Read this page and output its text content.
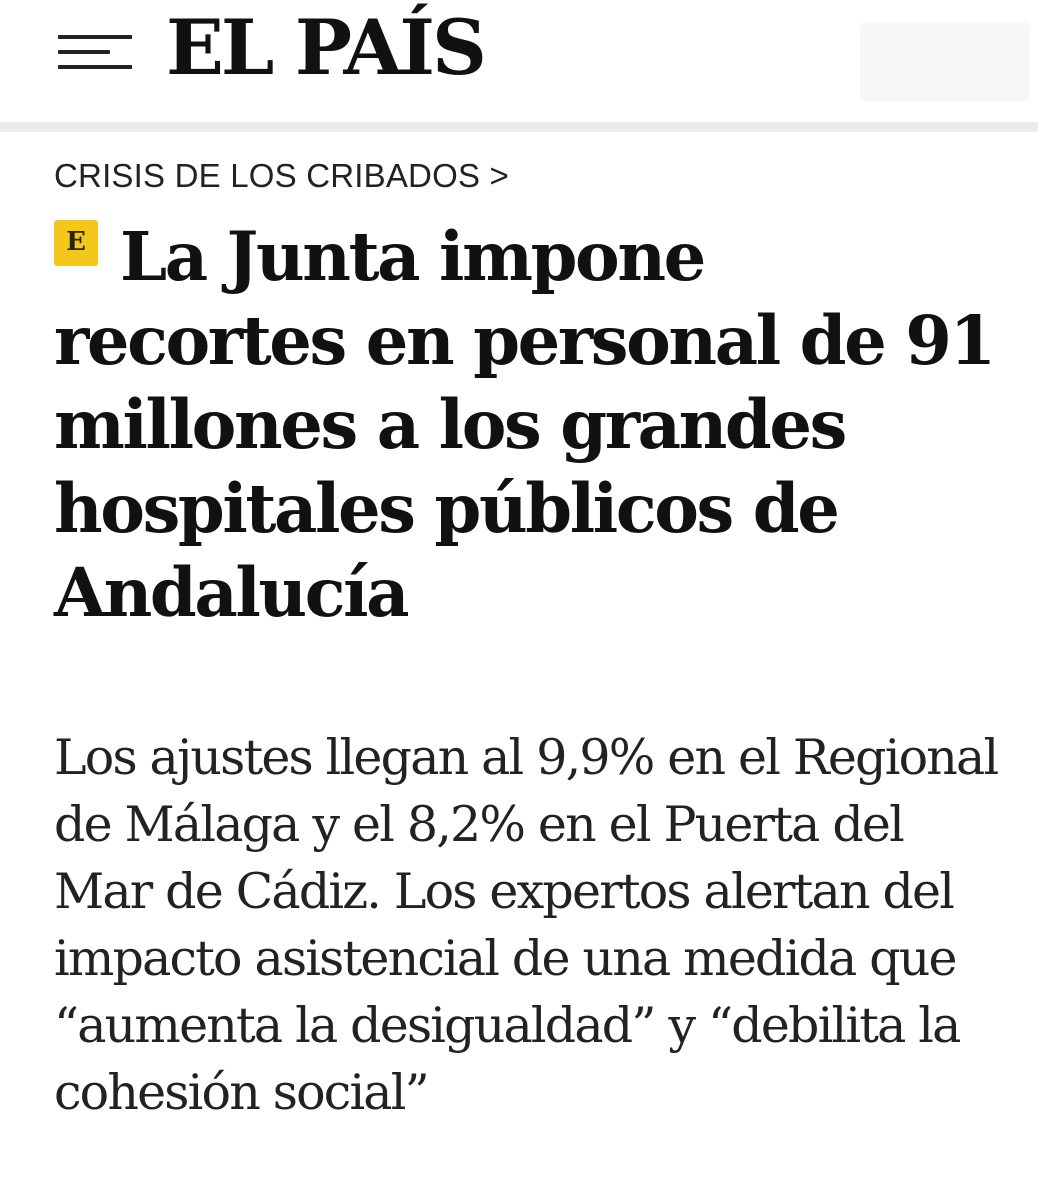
EL PAÍS
CRISIS DE LOS CRIBADOS >
E La Junta impone recortes en personal de 91 millones a los grandes hospitales públicos de Andalucía

Los ajustes llegan al 9,9% en el Regional de Málaga y el 8,2% en el Puerta del Mar de Cádiz. Los expertos alertan del impacto asistencial de una medida que “aumenta la desigualdad” y “debilita la cohesión social”
